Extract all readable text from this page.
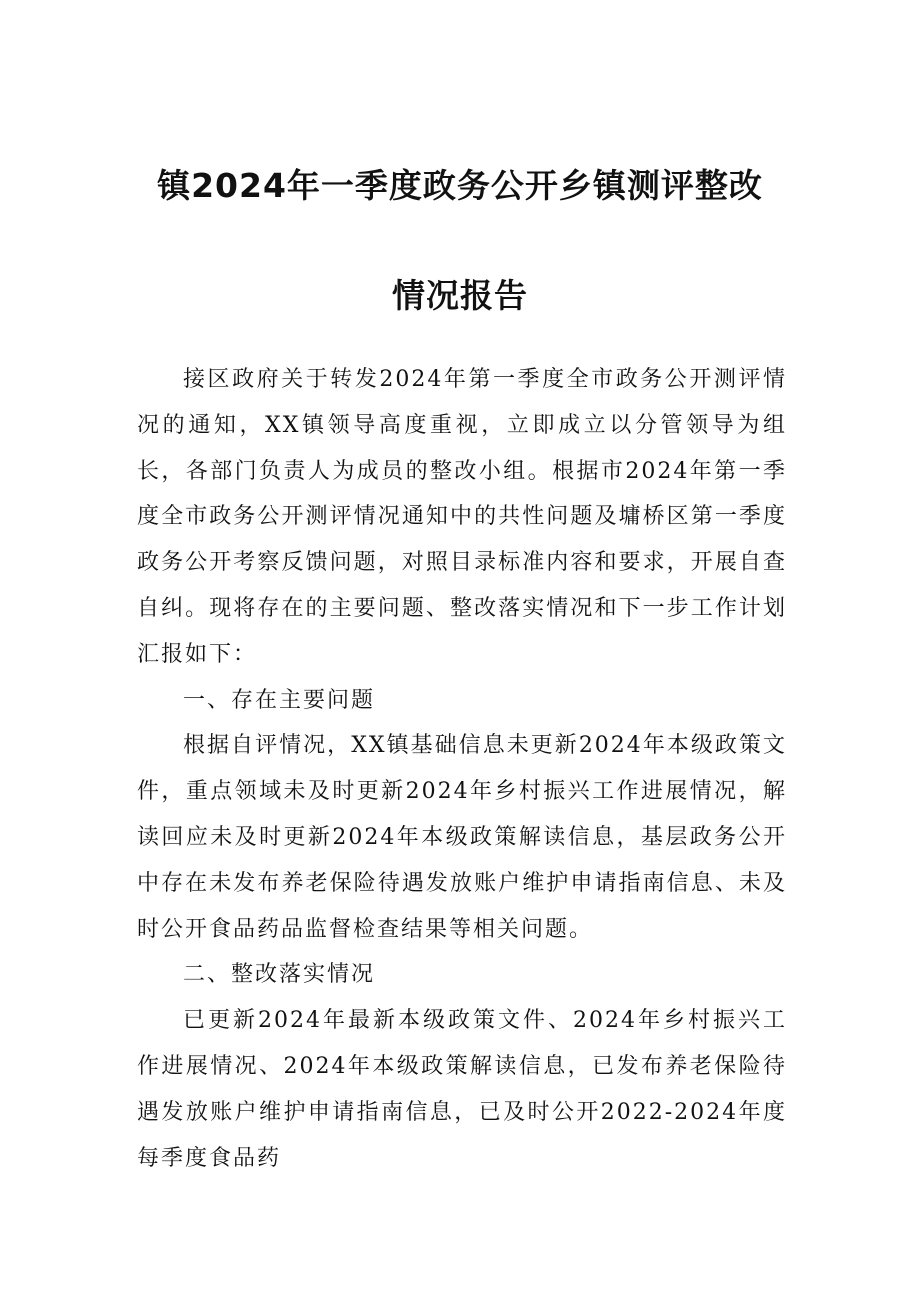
镇2024年一季度政务公开乡镇测评整改
情况报告

接区政府关于转发2024年第一季度全市政务公开测评情况的通知，XX镇领导高度重视，立即成立以分管领导为组长，各部门负责人为成员的整改小组。根据市2024年第一季度全市政务公开测评情况通知中的共性问题及墉桥区第一季度政务公开考察反馈问题，对照目录标准内容和要求，开展自查自纠。现将存在的主要问题、整改落实情况和下一步工作计划汇报如下：

一、存在主要问题

根据自评情况，XX镇基础信息未更新2024年本级政策文件，重点领域未及时更新2024年乡村振兴工作进展情况，解读回应未及时更新2024年本级政策解读信息，基层政务公开中存在未发布养老保险待遇发放账户维护申请指南信息、未及时公开食品药品监督检查结果等相关问题。

二、整改落实情况

已更新2024年最新本级政策文件、2024年乡村振兴工作进展情况、2024年本级政策解读信息，已发布养老保险待遇发放账户维护申请指南信息，已及时公开2022-2024年度每季度食品药
